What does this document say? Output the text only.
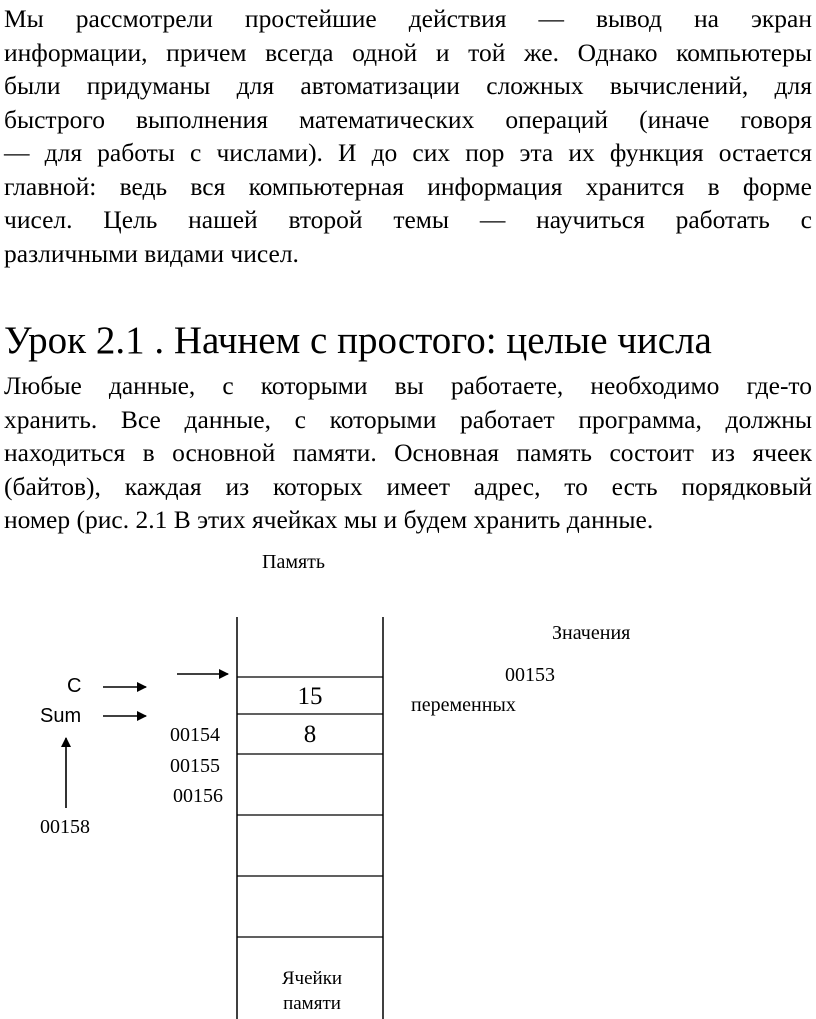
Мы рассмотрели простейшие действия — вывод на экран
информации, причем всегда одной и той же. Однако компьютеры
были придуманы для автоматизации сложных вычислений, для
быстрого выполнения математических операций (иначе говоря
— для работы с числами). И до сих пор эта их функция остается
главной: ведь вся компьютерная информация хранится в форме
чисел. Цель нашей второй темы — научиться работать с
различными видами чисел.
Урок 2.1 . Начнем с простого: целые числа
Любые данные, с которыми вы работаете, необходимо где-то
хранить. Все данные, с которыми работает программа, должны
находиться в основной памяти. Основная память состоит из ячеек
(байтов), каждая из которых имеет адрес, то есть порядковый
номер (рис. 2.1 В этих ячейках мы и будем хранить данные.
Память
Значения
00153
переменных
C
Sum
15
8
00154
00155
00156
00158
Ячейки
памяти
